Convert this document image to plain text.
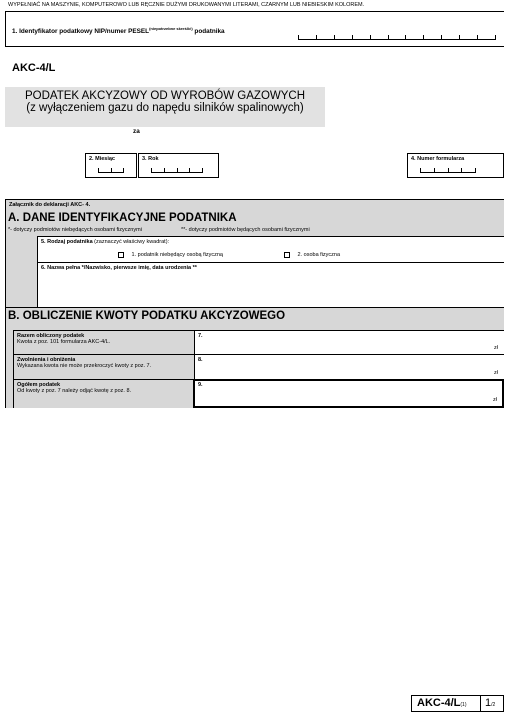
WYPEŁNIAĆ NA MASZYNIE, KOMPUTEROWO LUB RĘCZNIE DUŻYMI DRUKOWANYMI LITERAMI, CZARNYM LUB NIEBIESKIM KOLOREM.
1. Identyfikator podatkowy NIP/numer $PESEL^{(niepotrzebne skreślić)}$ podatnika
AKC-4/L
PODATEK AKCYZOWY OD WYROBÓW GAZOWYCH
(z wyłączeniem gazu do napędu silników spalinowych)
za
2. Miesiąc	3. Rok	4. Numer formularza
Załącznik do deklaracji AKC- 4.
A. DANE IDENTYFIKACYJNE PODATNIKA
*- dotyczy podmiotów niebędących osobami fizycznymi	**- dotyczy podmiotów będących osobami fizycznymi
5. Rodzaj podatnika (zaznaczyć właściwy kwadrat):
1. podatnik niebędący osobą fizyczną	2. osoba fizyczna
6. Nazwa pełna */Nazwisko, pierwsze imię, data urodzenia **
B. OBLICZENIE KWOTY PODATKU AKCYZOWEGO
Razem obliczony podatek
Kwota z poz. 101 formularza AKC-4/L.
7.
zł
Zwolnienia i obniżenia
Wykazana kwota nie może przekroczyć kwoty z poz. 7.
8.
zł
Ogółem podatek
Od kwoty z poz. 7 należy odjąć kwotę z poz. 8.
9.
zł
AKC-4/L(1) 1/2
